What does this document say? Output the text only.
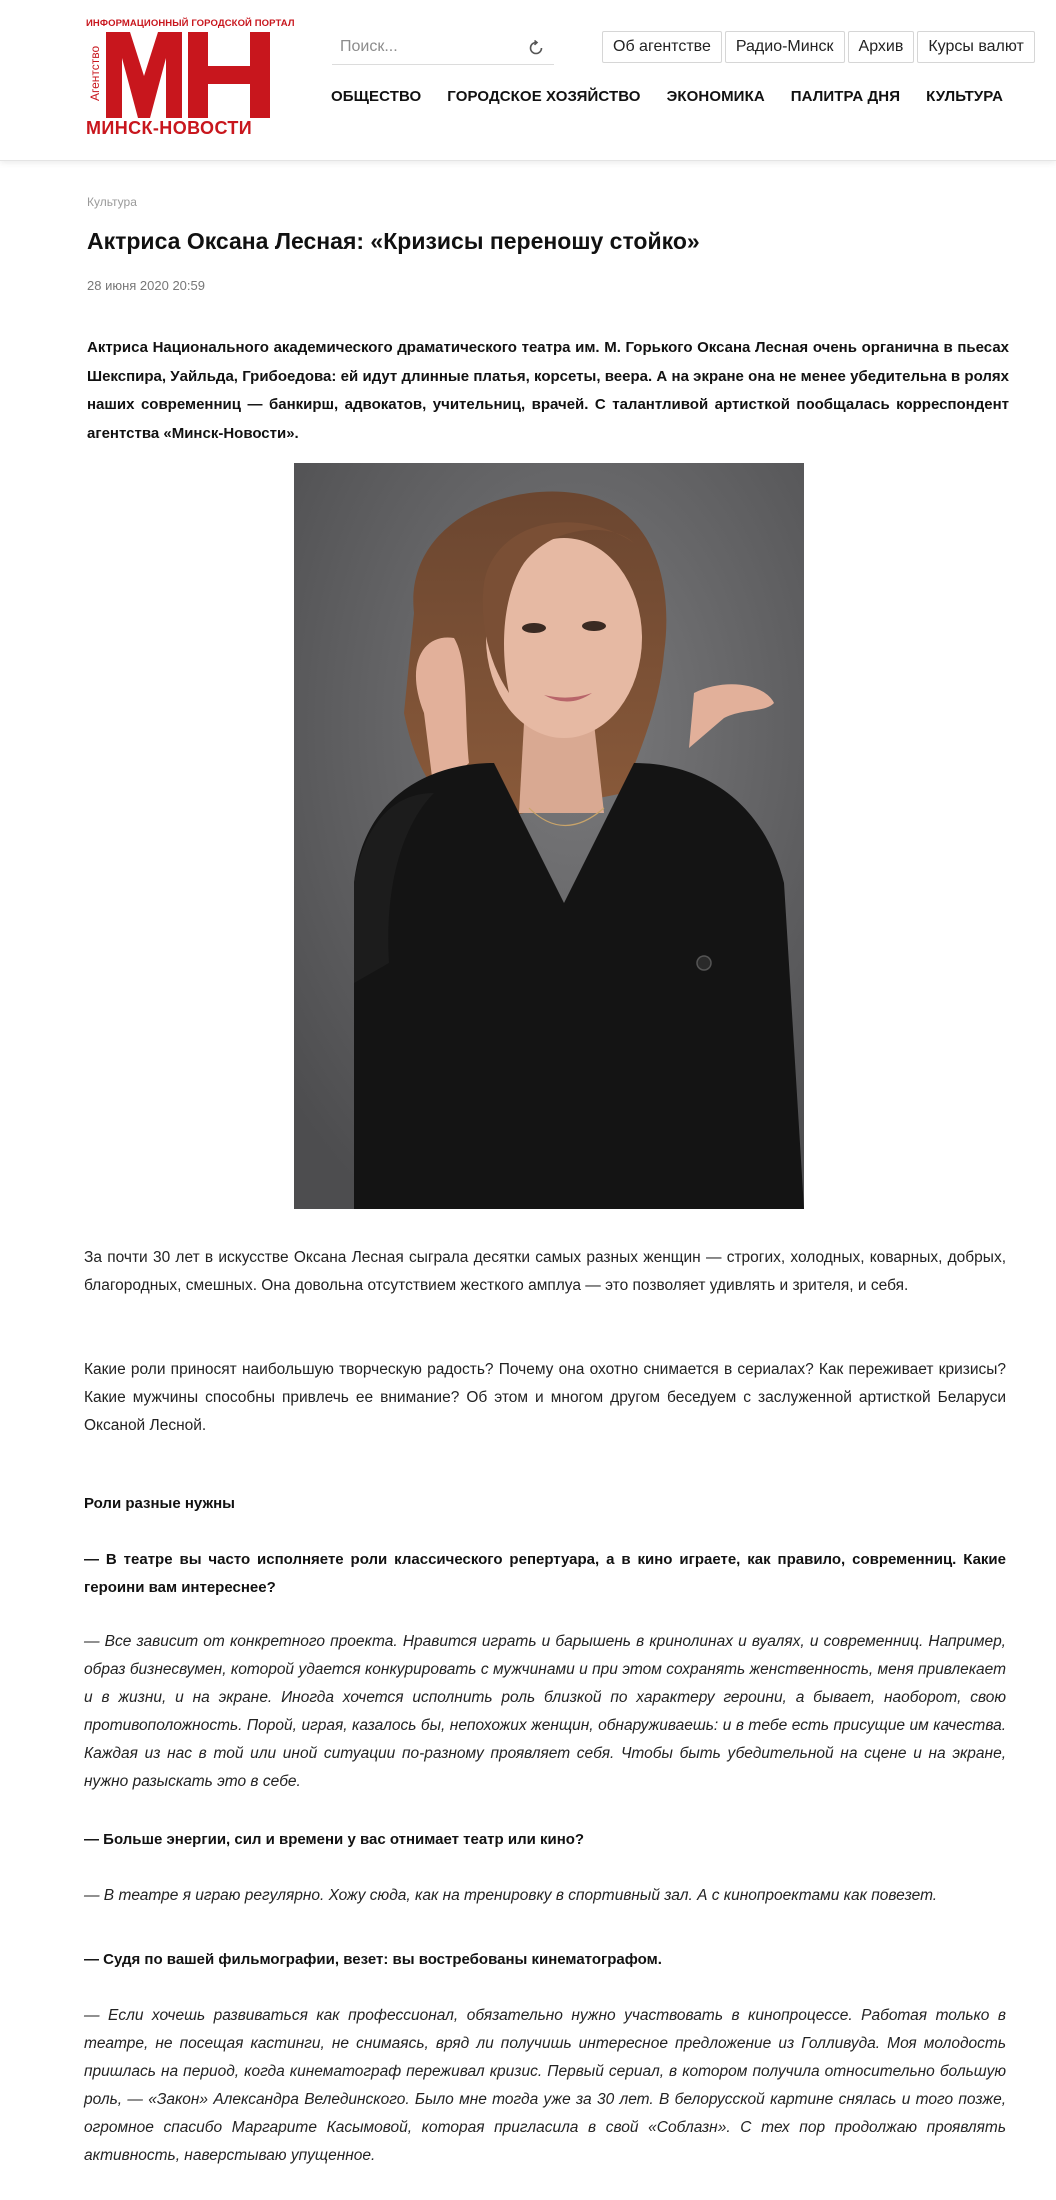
ИНФОРМАЦИОННЫЙ ГОРОДСКОЙ ПОРТАЛ
Агентство
МИНСК-НОВОСТИ
Поиск...
Об агентстве Радио-Минск Архив Курсы валют
ОБЩЕСТВО ГОРОДСКОЕ ХОЗЯЙСТВО ЭКОНОМИКА ПАЛИТРА ДНЯ КУЛЬТУРА
Культура
Актриса Оксана Лесная: «Кризисы переношу стойко»
28 июня 2020 20:59

Актриса Национального академического драматического театра им. М. Горького Оксана Лесная очень органична в пьесах Шекспира, Уайльда, Грибоедова: ей идут длинные платья, корсеты, веера. А на экране она не менее убедительна в ролях наших современниц — банкирш, адвокатов, учительниц, врачей. С талантливой артисткой пообщалась корреспондент агентства «Минск-Новости».

За почти 30 лет в искусстве Оксана Лесная сыграла десятки самых разных женщин — строгих, холодных, коварных, добрых, благородных, смешных. Она довольна отсутствием жесткого амплуа — это позволяет удивлять и зрителя, и себя.

Какие роли приносят наибольшую творческую радость? Почему она охотно снимается в сериалах? Как переживает кризисы? Какие мужчины способны привлечь ее внимание? Об этом и многом другом беседуем с заслуженной артисткой Беларуси Оксаной Лесной.

Роли разные нужны

— В театре вы часто исполняете роли классического репертуара, а в кино играете, как правило, современниц. Какие героини вам интереснее?

— Все зависит от конкретного проекта. Нравится играть и барышень в кринолинах и вуалях, и современниц. Например, образ бизнесвумен, которой удается конкурировать с мужчинами и при этом сохранять женственность, меня привлекает и в жизни, и на экране. Иногда хочется исполнить роль близкой по характеру героини, а бывает, наоборот, свою противоположность. Порой, играя, казалось бы, непохожих женщин, обнаруживаешь: и в тебе есть присущие им качества. Каждая из нас в той или иной ситуации по-разному проявляет себя. Чтобы быть убедительной на сцене и на экране, нужно разыскать это в себе.

— Больше энергии, сил и времени у вас отнимает театр или кино?

— В театре я играю регулярно. Хожу сюда, как на тренировку в спортивный зал. А с кинопроектами как повезет.

— Судя по вашей фильмографии, везет: вы востребованы кинематографом.

— Если хочешь развиваться как профессионал, обязательно нужно участвовать в кинопроцессе. Работая только в театре, не посещая кастинги, не снимаясь, вряд ли получишь интересное предложение из Голливуда. Моя молодость пришлась на период, когда кинематограф переживал кризис. Первый сериал, в котором получила относительно большую роль, — «Закон» Александра Велединского. Было мне тогда уже за 30 лет. В белорусской картине снялась и того позже, огромное спасибо Маргарите Касымовой, которая пригласила в свой «Соблазн». С тех пор продолжаю проявлять активность, наверстываю упущенное.
